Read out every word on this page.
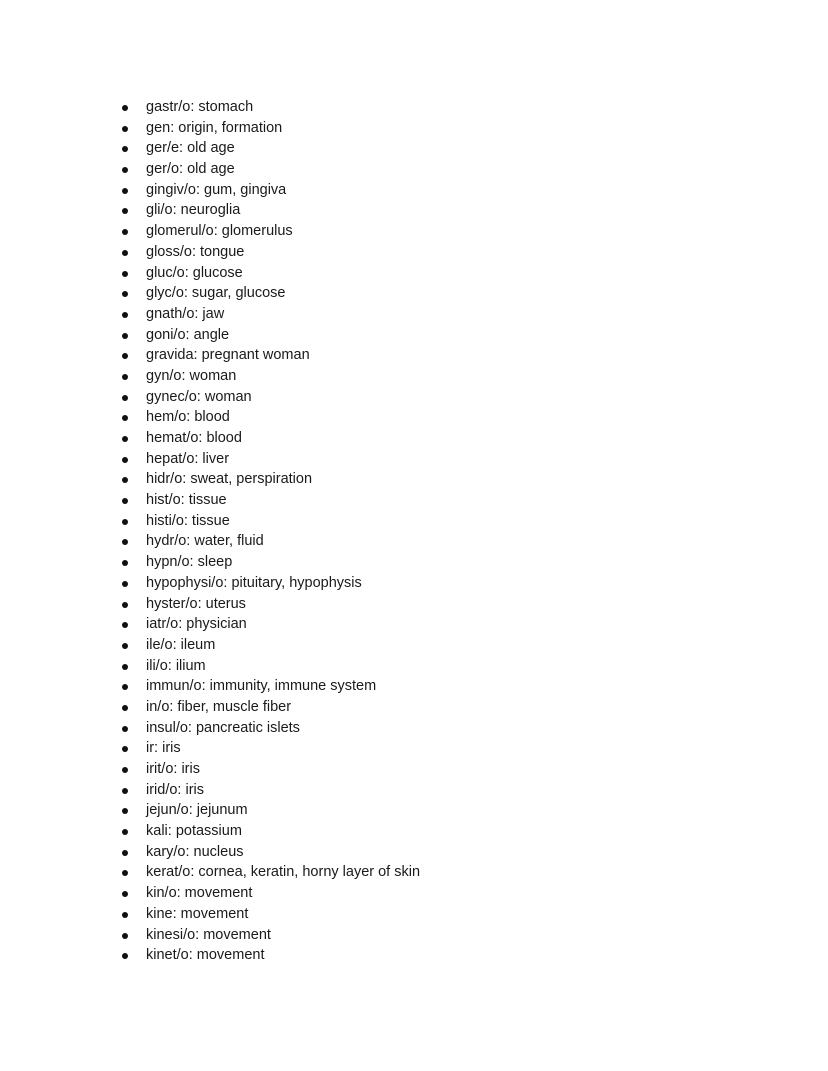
gastr/o: stomach
gen: origin, formation
ger/e: old age
ger/o: old age
gingiv/o: gum, gingiva
gli/o: neuroglia
glomerul/o: glomerulus
gloss/o: tongue
gluc/o: glucose
glyc/o: sugar, glucose
gnath/o: jaw
goni/o: angle
gravida: pregnant woman
gyn/o: woman
gynec/o: woman
hem/o: blood
hemat/o: blood
hepat/o: liver
hidr/o: sweat, perspiration
hist/o: tissue
histi/o: tissue
hydr/o: water, fluid
hypn/o: sleep
hypophysi/o: pituitary, hypophysis
hyster/o: uterus
iatr/o: physician
ile/o: ileum
ili/o: ilium
immun/o: immunity, immune system
in/o: fiber, muscle fiber
insul/o: pancreatic islets
ir: iris
irit/o: iris
irid/o: iris
jejun/o: jejunum
kali: potassium
kary/o: nucleus
kerat/o: cornea, keratin, horny layer of skin
kin/o: movement
kine: movement
kinesi/o: movement
kinet/o: movement
